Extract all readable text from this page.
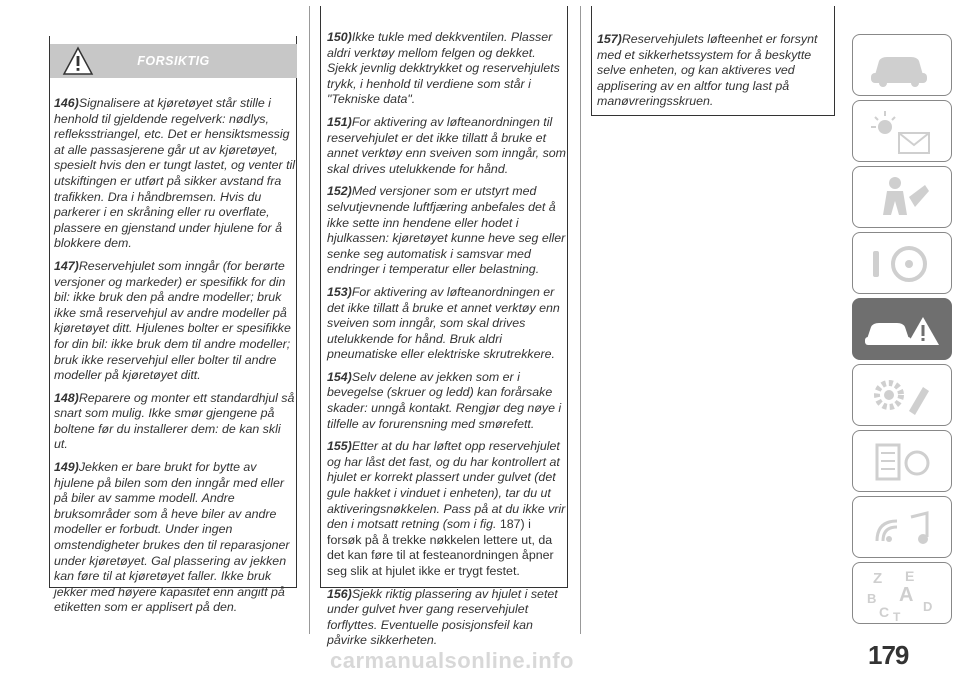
FORSIKTIG

146)Signalisere at kjøretøyet står stille i henhold til gjeldende regelverk: nødlys, refleksstriangel, etc. Det er hensiktsmessig at alle passasjerene går ut av kjøretøyet, spesielt hvis den er tungt lastet, og venter til utskiftingen er utført på sikker avstand fra trafikken. Dra i håndbremsen. Hvis du parkerer i en skråning eller ru overflate, plassere en gjenstand under hjulene for å blokkere dem.

147)Reservehjulet som inngår (for berørte versjoner og markeder) er spesifikk for din bil: ikke bruk den på andre modeller; bruk ikke små reservehjul av andre modeller på kjøretøyet ditt. Hjulenes bolter er spesifikke for din bil: ikke bruk dem til andre modeller; bruk ikke reservehjul eller bolter til andre modeller på kjøretøyet ditt.

148)Reparere og monter ett standardhjul så snart som mulig. Ikke smør gjengene på boltene før du installerer dem: de kan skli ut.

149)Jekken er bare brukt for bytte av hjulene på bilen som den inngår med eller på biler av samme modell. Andre bruksområder som å heve biler av andre modeller er forbudt. Under ingen omstendigheter brukes den til reparasjoner under kjøretøyet. Gal plassering av jekken kan føre til at kjøretøyet faller. Ikke bruk jekker med høyere kapasitet enn angitt på etiketten som er applisert på den.

150)Ikke tukle med dekkventilen. Plasser aldri verktøy mellom felgen og dekket. Sjekk jevnlig dekktrykket og reservehjulets trykk, i henhold til verdiene som står i "Tekniske data".

151)For aktivering av løfteanordningen til reservehjulet er det ikke tillatt å bruke et annet verktøy enn sveiven som inngår, som skal drives utelukkende for hånd.

152)Med versjoner som er utstyrt med selvutjevnende luftfjæring anbefales det å ikke sette inn hendene eller hodet i hjulkassen: kjøretøyet kunne heve seg eller senke seg automatisk i samsvar med endringer i temperatur eller belastning.

153)For aktivering av løfteanordningen er det ikke tillatt å bruke et annet verktøy enn sveiven som inngår, som skal drives utelukkende for hånd. Bruk aldri pneumatiske eller elektriske skrutrekkere.

154)Selv delene av jekken som er i bevegelse (skruer og ledd) kan forårsake skader: unngå kontakt. Rengjør deg nøye i tilfelle av forurensning med smørefett.

155)Etter at du har løftet opp reservehjulet og har låst det fast, og du har kontrollert at hjulet er korrekt plassert under gulvet (det gule hakket i vinduet i enheten), tar du ut aktiveringsnøkkelen. Pass på at du ikke vrir den i motsatt retning (som i fig. 187) i forsøk på å trekke nøkkelen lettere ut, da det kan føre til at festeanordningen åpner seg slik at hjulet ikke er trygt festet.

156)Sjekk riktig plassering av hjulet i setet under gulvet hver gang reservehjulet forflyttes. Eventuelle posisjonsfeil kan påvirke sikkerheten.

157)Reservehjulets løfteenhet er forsynt med et sikkerhetssystem for å beskytte selve enheten, og kan aktiveres ved applisering av en altfor tung last på manøvreringsskruen.

Z E
A
B
C	D
T
carmanualsonline.info	179
